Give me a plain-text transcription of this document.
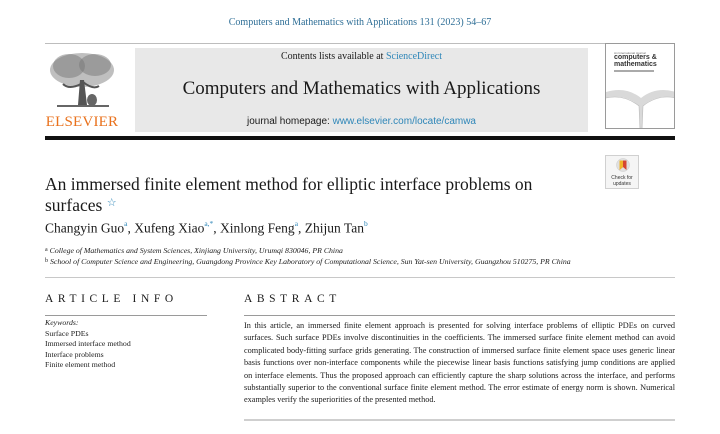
Computers and Mathematics with Applications 131 (2023) 54–67
ELSEVIER
Contents lists available at ScienceDirect
Computers and Mathematics with Applications
journal homepage: www.elsevier.com/locate/camwa
An International Journal
computers &
mathematics
An immersed finite element method for elliptic interface problems on surfaces ☆
Check for
updates
Changyin Guo$^a$, Xufeng Xiao$^{a,*}$, Xinlong Feng$^a$, Zhijun Tan$^b$
$^a$ College of Mathematics and System Sciences, Xinjiang University, Urumqi 830046, PR China
$^b$ School of Computer Science and Engineering, Guangdong Province Key Laboratory of Computational Science, Sun Yat-sen University, Guangzhou 510275, PR China
ARTICLE INFO	ABSTRACT
Keywords:
Surface PDEs
Immersed interface method
Interface problems
Finite element method
In this article, an immersed finite element approach is presented for solving interface problems of elliptic PDEs on curved surfaces. Such surface PDEs involve discontinuities in the coefficients. The immersed surface finite element method can avoid complicated body-fitting surface grids generating. The construction of immersed surface finite element space uses generic linear basis functions over non-interface components while the piecewise linear basis functions satisfying jump conditions are applied on interface elements. Thus the proposed approach can efficiently capture the sharp solutions across the interface, and performs substantially superior to the conventional surface finite element method. The error estimate of energy norm is shown. Numerical examples verify the superiorities of the presented method.
